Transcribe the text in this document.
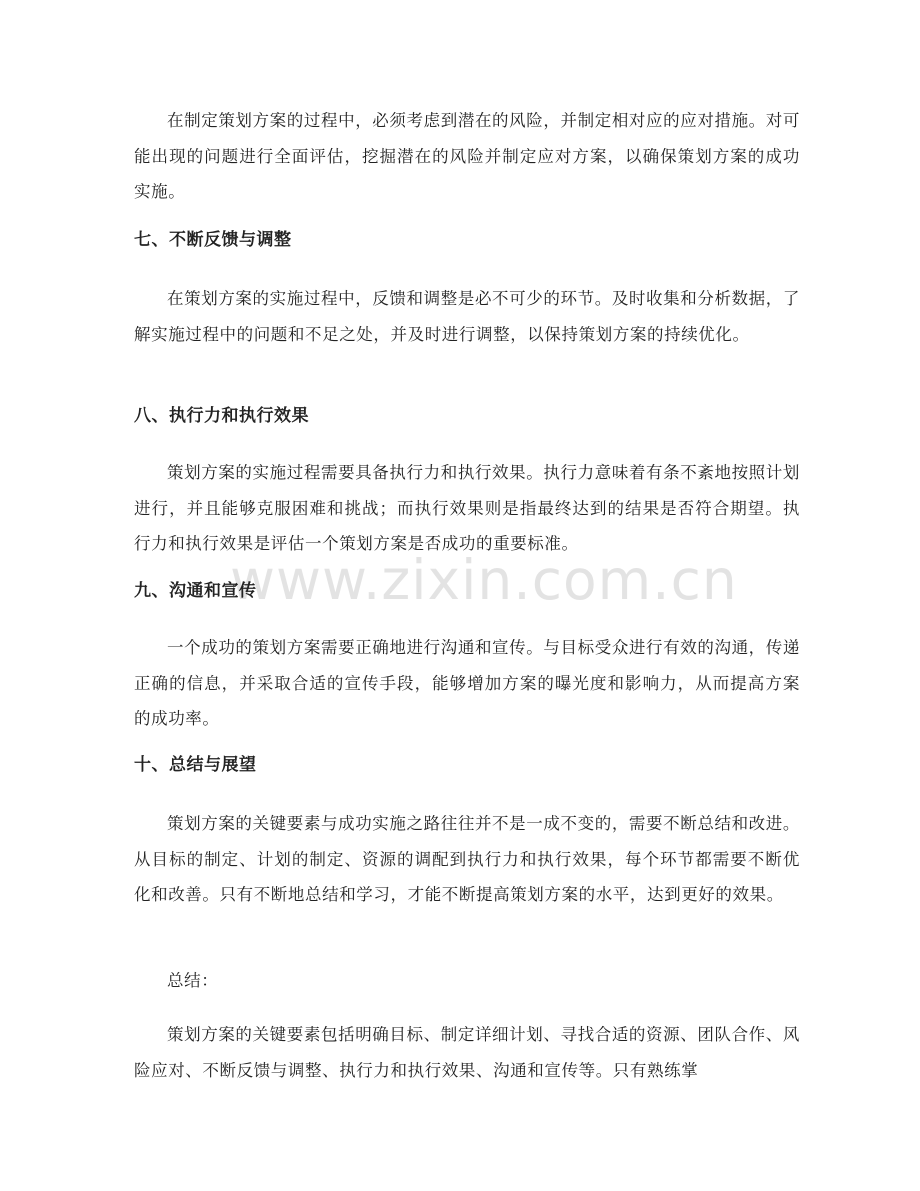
www.zixin.com.cn

在制定策划方案的过程中，必须考虑到潜在的风险，并制定相对应的应对措施。对可能出现的问题进行全面评估，挖掘潜在的风险并制定应对方案，以确保策划方案的成功实施。

七、不断反馈与调整

在策划方案的实施过程中，反馈和调整是必不可少的环节。及时收集和分析数据，了解实施过程中的问题和不足之处，并及时进行调整，以保持策划方案的持续优化。

八、执行力和执行效果

策划方案的实施过程需要具备执行力和执行效果。执行力意味着有条不紊地按照计划进行，并且能够克服困难和挑战；而执行效果则是指最终达到的结果是否符合期望。执行力和执行效果是评估一个策划方案是否成功的重要标准。

九、沟通和宣传

一个成功的策划方案需要正确地进行沟通和宣传。与目标受众进行有效的沟通，传递正确的信息，并采取合适的宣传手段，能够增加方案的曝光度和影响力，从而提高方案的成功率。

十、总结与展望

策划方案的关键要素与成功实施之路往往并不是一成不变的，需要不断总结和改进。从目标的制定、计划的制定、资源的调配到执行力和执行效果，每个环节都需要不断优化和改善。只有不断地总结和学习，才能不断提高策划方案的水平，达到更好的效果。

总结：

策划方案的关键要素包括明确目标、制定详细计划、寻找合适的资源、团队合作、风险应对、不断反馈与调整、执行力和执行效果、沟通和宣传等。只有熟练掌
